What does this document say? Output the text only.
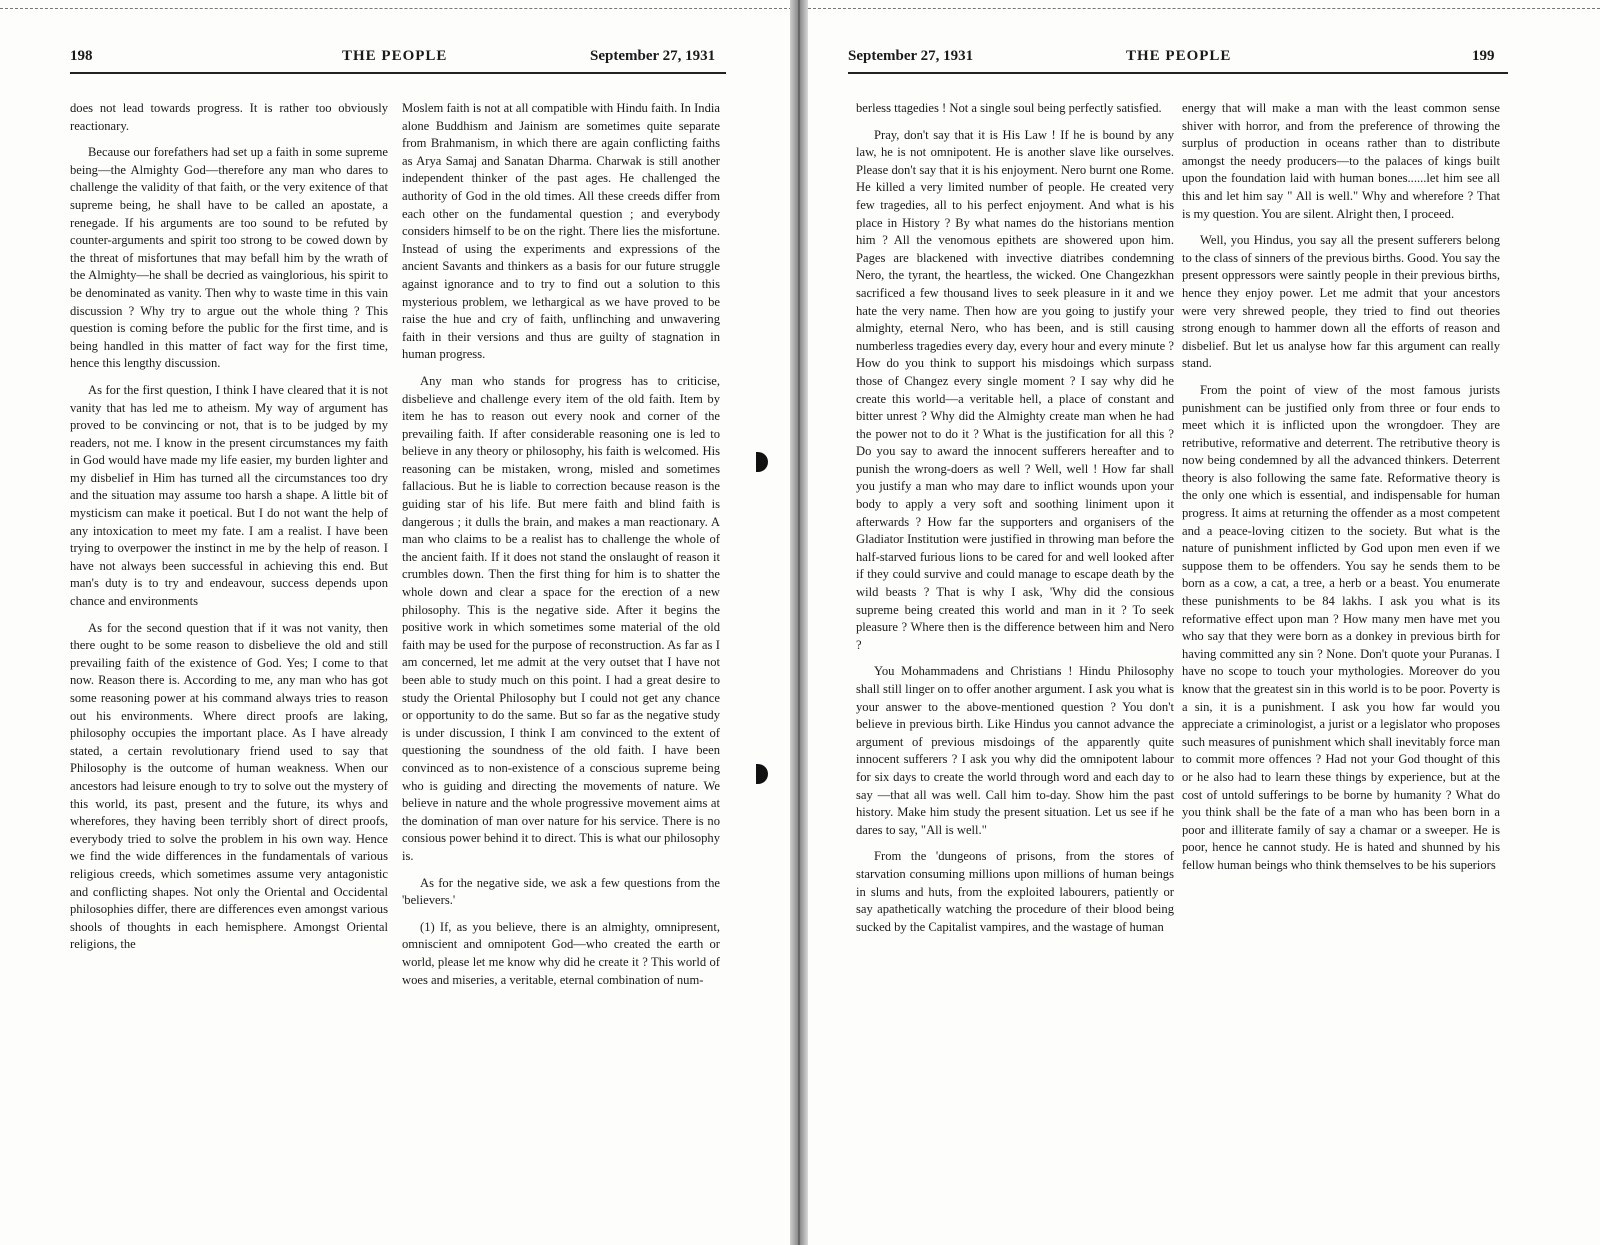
198	THE PEOPLE	September 27, 1931

does not lead towards progress. It is rather too obviously reactionary.

Because our forefathers had set up a faith in some supreme being—the Almighty God—therefore any man who dares to challenge the validity of that faith, or the very exitence of that supreme being, he shall have to be called an apostate, a renegade. If his arguments are too sound to be refuted by counter-arguments and spirit too strong to be cowed down by the threat of misfortunes that may befall him by the wrath of the Almighty—he shall be decried as vainglorious, his spirit to be denominated as vanity. Then why to waste time in this vain discussion ? Why try to argue out the whole thing ? This question is coming before the public for the first time, and is being handled in this matter of fact way for the first time, hence this lengthy discussion.

As for the first question, I think I have cleared that it is not vanity that has led me to atheism. My way of argument has proved to be convincing or not, that is to be judged by my readers, not me. I know in the present circumstances my faith in God would have made my life easier, my burden lighter and my disbelief in Him has turned all the circumstances too dry and the situation may assume too harsh a shape. A little bit of mysticism can make it poetical. But I do not want the help of any intoxication to meet my fate. I am a realist. I have been trying to overpower the instinct in me by the help of reason. I have not always been successful in achieving this end. But man's duty is to try and endeavour, success depends upon chance and environments

As for the second question that if it was not vanity, then there ought to be some reason to disbelieve the old and still prevailing faith of the existence of God. Yes; I come to that now. Reason there is. According to me, any man who has got some reasoning power at his command always tries to reason out his environments. Where direct proofs are laking, philosophy occupies the important place. As I have already stated, a certain revolutionary friend used to say that Philosophy is the outcome of human weakness. When our ancestors had leisure enough to try to solve out the mystery of this world, its past, present and the future, its whys and wherefores, they having been terribly short of direct proofs, everybody tried to solve the problem in his own way. Hence we find the wide differences in the fundamentals of various religious creeds, which sometimes assume very antagonistic and conflicting shapes. Not only the Oriental and Occidental philosophies differ, there are differences even amongst various shools of thoughts in each hemisphere. Amongst Oriental religions, the

Moslem faith is not at all compatible with Hindu faith. In India alone Buddhism and Jainism are sometimes quite separate from Brahmanism, in which there are again conflicting faiths as Arya Samaj and Sanatan Dharma. Charwak is still another independent thinker of the past ages. He challenged the authority of God in the old times. All these creeds differ from each other on the fundamental question ; and everybody considers himself to be on the right. There lies the misfortune. Instead of using the experiments and expressions of the ancient Savants and thinkers as a basis for our future struggle against ignorance and to try to find out a solution to this mysterious problem, we lethargical as we have proved to be raise the hue and cry of faith, unflinching and unwavering faith in their versions and thus are guilty of stagnation in human progress.

Any man who stands for progress has to criticise, disbelieve and challenge every item of the old faith. Item by item he has to reason out every nook and corner of the prevailing faith. If after considerable reasoning one is led to believe in any theory or philosophy, his faith is welcomed. His reasoning can be mistaken, wrong, misled and sometimes fallacious. But he is liable to correction because reason is the guiding star of his life. But mere faith and blind faith is dangerous ; it dulls the brain, and makes a man reactionary. A man who claims to be a realist has to challenge the whole of the ancient faith. If it does not stand the onslaught of reason it crumbles down. Then the first thing for him is to shatter the whole down and clear a space for the erection of a new philosophy. This is the negative side. After it begins the positive work in which sometimes some material of the old faith may be used for the purpose of reconstruction. As far as I am concerned, let me admit at the very outset that I have not been able to study much on this point. I had a great desire to study the Oriental Philosophy but I could not get any chance or opportunity to do the same. But so far as the negative study is under discussion, I think I am convinced to the extent of questioning the soundness of the old faith. I have been convinced as to non-existence of a conscious supreme being who is guiding and directing the movements of nature. We believe in nature and the whole progressive movement aims at the domination of man over nature for his service. There is no consious power behind it to direct. This is what our philosophy is.

As for the negative side, we ask a few questions from the 'believers.'

(1) If, as you believe, there is an almighty, omnipresent, omniscient and omnipotent God—who created the earth or world, please let me know why did he create it ? This world of woes and miseries, a veritable, eternal combination of num-

September 27, 1931	THE PEOPLE	199

berless ttagedies ! Not a single soul being perfectly satisfied.

Pray, don't say that it is His Law ! If he is bound by any law, he is not omnipotent. He is another slave like ourselves. Please don't say that it is his enjoyment. Nero burnt one Rome. He killed a very limited number of people. He created very few tragedies, all to his perfect enjoyment. And what is his place in History ? By what names do the historians mention him ? All the venomous epithets are showered upon him. Pages are blackened with invective diatribes condemning Nero, the tyrant, the heartless, the wicked. One Changezkhan sacrificed a few thousand lives to seek pleasure in it and we hate the very name. Then how are you going to justify your almighty, eternal Nero, who has been, and is still causing numberless tragedies every day, every hour and every minute ? How do you think to support his misdoings which surpass those of Changez every single moment ? I say why did he create this world—a veritable hell, a place of constant and bitter unrest ? Why did the Almighty create man when he had the power not to do it ? What is the justification for all this ? Do you say to award the innocent sufferers hereafter and to punish the wrong-doers as well ? Well, well ! How far shall you justify a man who may dare to inflict wounds upon your body to apply a very soft and soothing liniment upon it afterwards ? How far the supporters and organisers of the Gladiator Institution were justified in throwing man before the half-starved furious lions to be cared for and well looked after if they could survive and could manage to escape death by the wild beasts ? That is why I ask, 'Why did the consious supreme being created this world and man in it ? To seek pleasure ? Where then is the difference between him and Nero ?

You Mohammadens and Christians ! Hindu Philosophy shall still linger on to offer another argument. I ask you what is your answer to the above-mentioned question ? You don't believe in previous birth. Like Hindus you cannot advance the argument of previous misdoings of the apparently quite innocent sufferers ? I ask you why did the omnipotent labour for six days to create the world through word and each day to say —that all was well. Call him to-day. Show him the past history. Make him study the present situation. Let us see if he dares to say, "All is well."

From the 'dungeons of prisons, from the stores of starvation consuming millions upon millions of human beings in slums and huts, from the exploited labourers, patiently or say apathetically watching the procedure of their blood being sucked by the Capitalist vampires, and the wastage of human

energy that will make a man with the least common sense shiver with horror, and from the preference of throwing the surplus of production in oceans rather than to distribute amongst the needy producers—to the palaces of kings built upon the foundation laid with human bones......let him see all this and let him say " All is well." Why and wherefore ? That is my question. You are silent. Alright then, I proceed.

Well, you Hindus, you say all the present sufferers belong to the class of sinners of the previous births. Good. You say the present oppressors were saintly people in their previous births, hence they enjoy power. Let me admit that your ancestors were very shrewed people, they tried to find out theories strong enough to hammer down all the efforts of reason and disbelief. But let us analyse how far this argument can really stand.

From the point of view of the most famous jurists punishment can be justified only from three or four ends to meet which it is inflicted upon the wrongdoer. They are retributive, reformative and deterrent. The retributive theory is now being condemned by all the advanced thinkers. Deterrent theory is also following the same fate. Reformative theory is the only one which is essential, and indispensable for human progress. It aims at returning the offender as a most competent and a peace-loving citizen to the society. But what is the nature of punishment inflicted by God upon men even if we suppose them to be offenders. You say he sends them to be born as a cow, a cat, a tree, a herb or a beast. You enumerate these punishments to be 84 lakhs. I ask you what is its reformative effect upon man ? How many men have met you who say that they were born as a donkey in previous birth for having committed any sin ? None. Don't quote your Puranas. I have no scope to touch your mythologies. Moreover do you know that the greatest sin in this world is to be poor. Poverty is a sin, it is a punishment. I ask you how far would you appreciate a criminologist, a jurist or a legislator who proposes such measures of punishment which shall inevitably force man to commit more offences ? Had not your God thought of this or he also had to learn these things by experience, but at the cost of untold sufferings to be borne by humanity ? What do you think shall be the fate of a man who has been born in a poor and illiterate family of say a chamar or a sweeper. He is poor, hence he cannot study. He is hated and shunned by his fellow human beings who think themselves to be his superiors
